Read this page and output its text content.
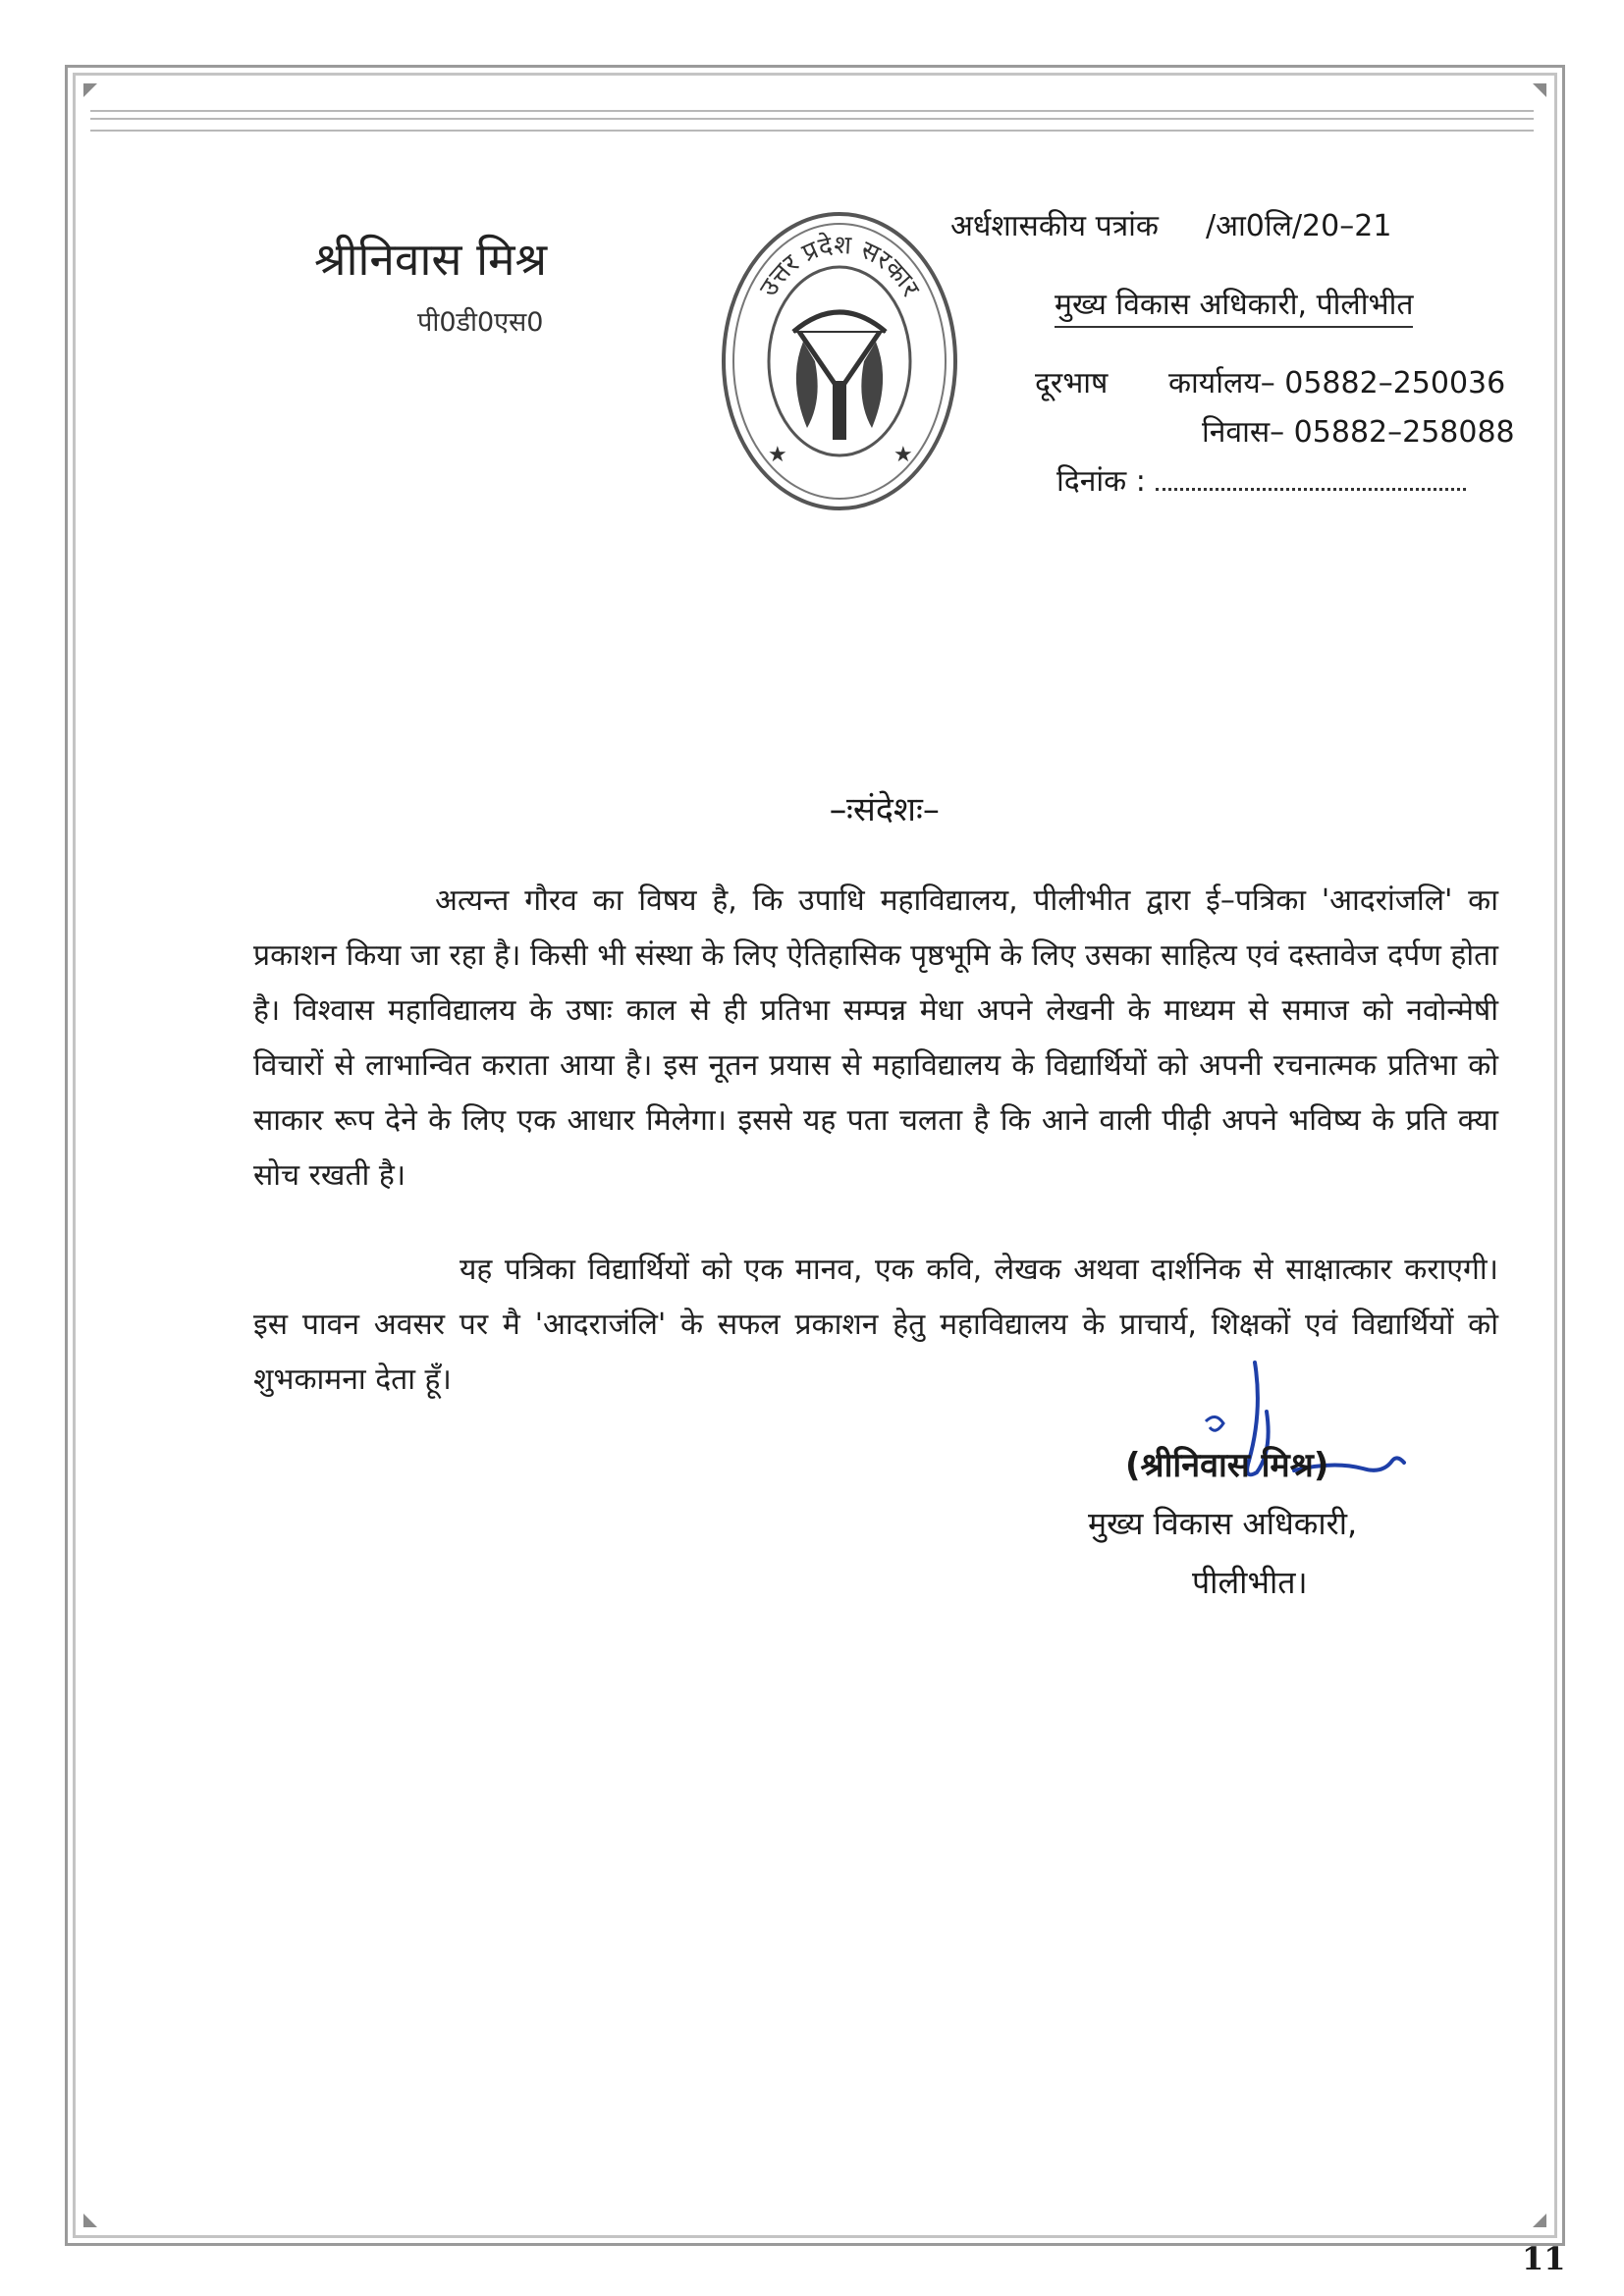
श्रीनिवास मिश्र
पी0डी0एस0
उत्तर प्रदेश सरकार
★	★
अर्धशासकीय पत्रांक /आ0लि/20–21
मुख्य विकास अधिकारी, पीलीभीत
दूरभाष कार्यालय– 05882–250036
निवास– 05882–258088
दिनांक :
–ःसंदेशः–
अत्यन्त गौरव का विषय है, कि उपाधि महाविद्यालय, पीलीभीत द्वारा ई–पत्रिका 'आदरांजलि' का प्रकाशन किया जा रहा है। किसी भी संस्था के लिए ऐतिहासिक पृष्ठभूमि के लिए उसका साहित्य एवं दस्तावेज दर्पण होता है। विश्वास महाविद्यालय के उषाः काल से ही प्रतिभा सम्पन्न मेधा अपने लेखनी के माध्यम से समाज को नवोन्मेषी विचारों से लाभान्वित कराता आया है। इस नूतन प्रयास से महाविद्यालय के विद्यार्थियों को अपनी रचनात्मक प्रतिभा को साकार रूप देने के लिए एक आधार मिलेगा। इससे यह पता चलता है कि आने वाली पीढ़ी अपने भविष्य के प्रति क्या सोच रखती है।
यह पत्रिका विद्यार्थियों को एक मानव, एक कवि, लेखक अथवा दार्शनिक से साक्षात्कार कराएगी। इस पावन अवसर पर मै 'आदराजंलि' के सफल प्रकाशन हेतु महाविद्यालय के प्राचार्य, शिक्षकों एवं विद्यार्थियों को शुभकामना देता हूँ।
(श्रीनिवास मिश्र)
मुख्य विकास अधिकारी,
पीलीभीत।
11
